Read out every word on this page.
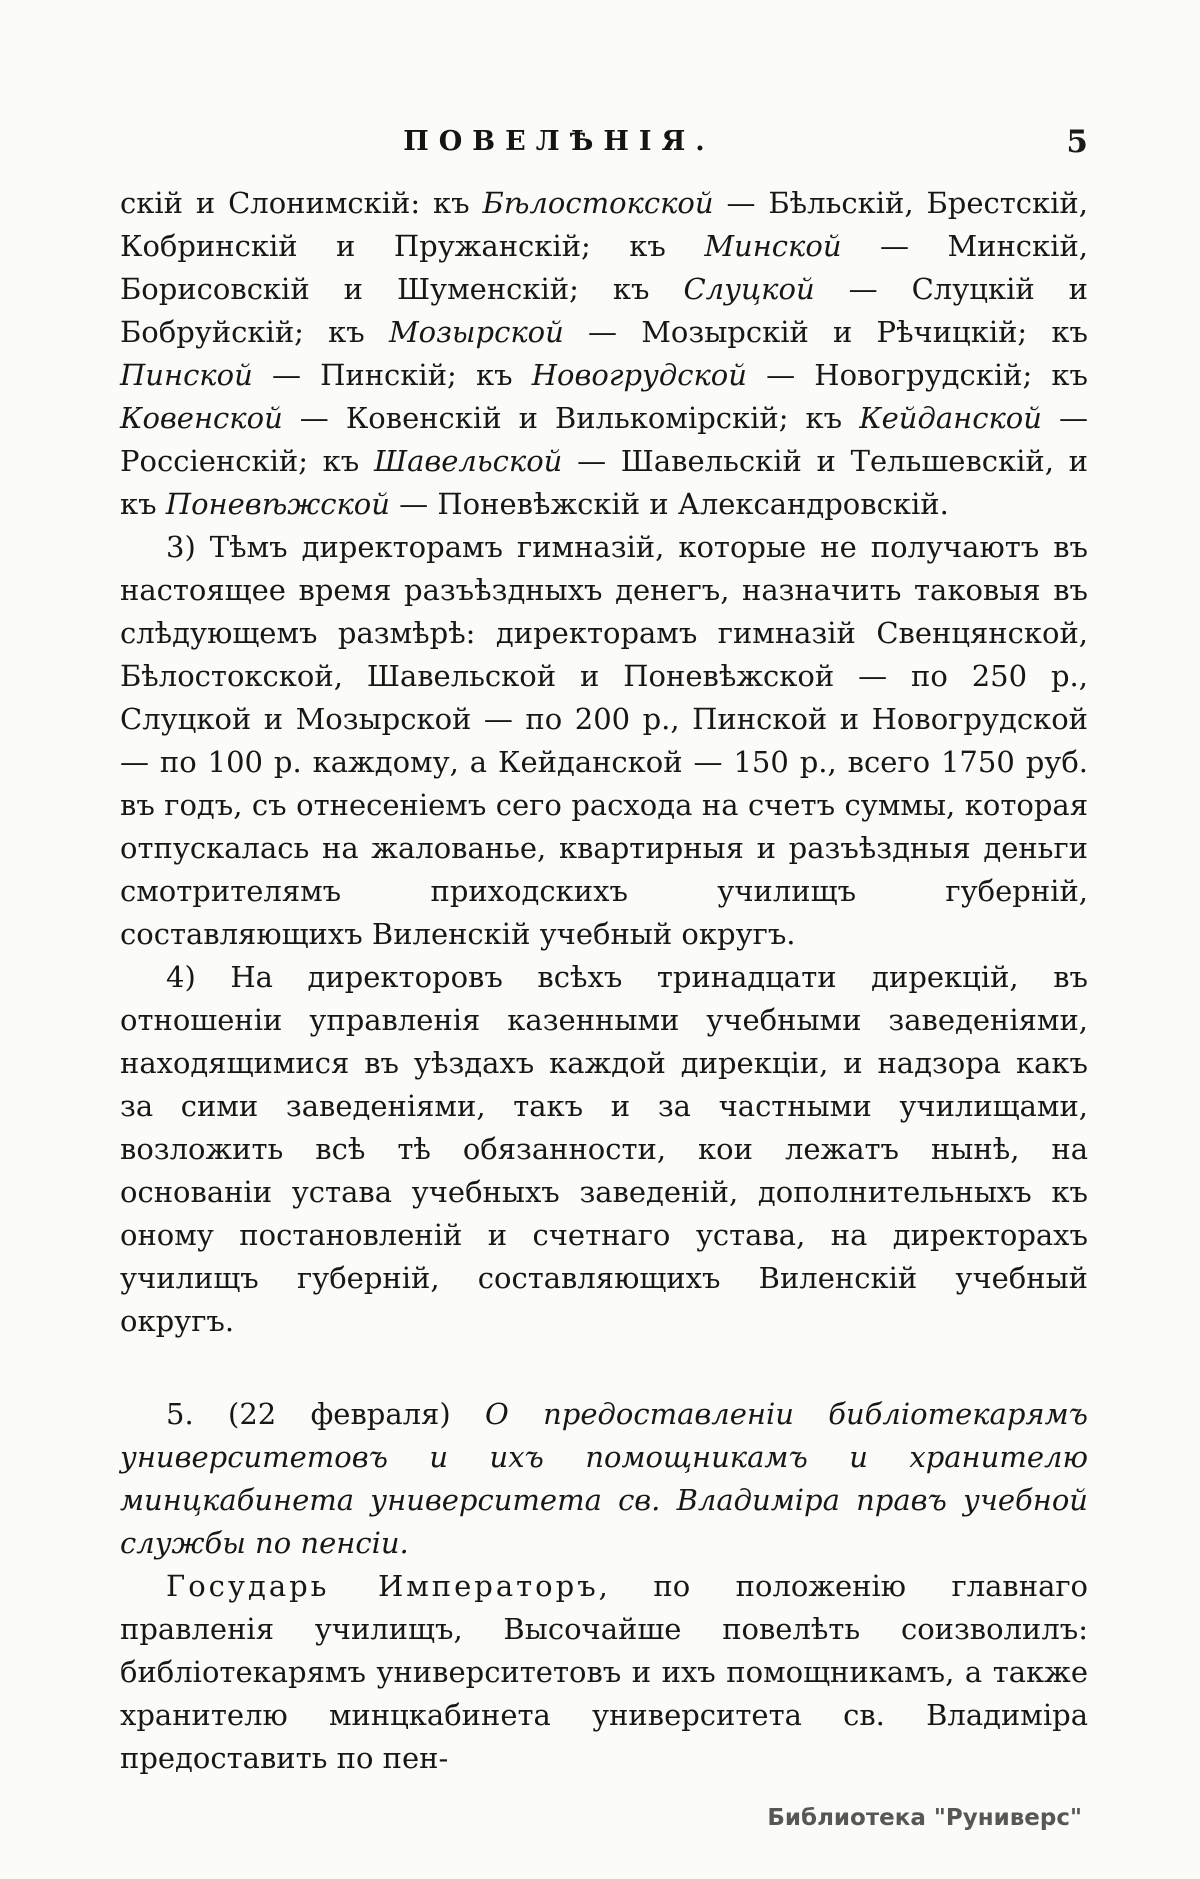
ПОВЕЛѢНІЯ.	5

скій и Слонимскій: къ Бѣлостокской — Бѣльскій, Брестскій, Кобринскій и Пружанскій; къ Минской — Минскій, Борисовскій и Шуменскій; къ Слуцкой — Слуцкій и Бобруйскій; къ Мозырской — Мозырскій и Рѣчицкій; къ Пинской — Пинскій; къ Новогрудской — Новогрудскій; къ Ковенской — Ковенскій и Вилькомірскій; къ Кейданской — Россіенскій; къ Шавельской — Шавельскій и Тельшевскій, и къ Поневѣжской — Поневѣжскій и Александровскій.

3) Тѣмъ директорамъ гимназій, которые не получаютъ въ настоящее время разъѣздныхъ денегъ, назначить таковыя въ слѣдующемъ размѣрѣ: директорамъ гимназій Свенцянской, Бѣлостокской, Шавельской и Поневѣжской — по 250 р., Слуцкой и Мозырской — по 200 р., Пинской и Новогрудской — по 100 р. каждому, а Кейданской — 150 р., всего 1750 руб. въ годъ, съ отнесеніемъ сего расхода на счетъ суммы, которая отпускалась на жалованье, квартирныя и разъѣздныя деньги смотрителямъ приходскихъ училищъ губерній, составляющихъ Виленскій учебный округъ.

4) На директоровъ всѣхъ тринадцати дирекцій, въ отношеніи управленія казенными учебными заведеніями, находящимися въ уѣздахъ каждой дирекціи, и надзора какъ за сими заведеніями, такъ и за частными училищами, возложить всѣ тѣ обязанности, кои лежатъ нынѣ, на основаніи устава учебныхъ заведеній, дополнительныхъ къ оному постановленій и счетнаго устава, на директорахъ училищъ губерній, составляющихъ Виленскій учебный округъ.

5. (22 февраля) О предоставленіи библіотекарямъ университетовъ и ихъ помощникамъ и хранителю минцкабинета университета св. Владиміра правъ учебной службы по пенсіи.

Государь Императоръ, по положенію главнаго правленія училищъ, Высочайше повелѣть соизволилъ: библіотекарямъ университетовъ и ихъ помощникамъ, а также хранителю минцкабинета университета св. Владиміра предоставить по пен-

Библиотека "Руниверс"
